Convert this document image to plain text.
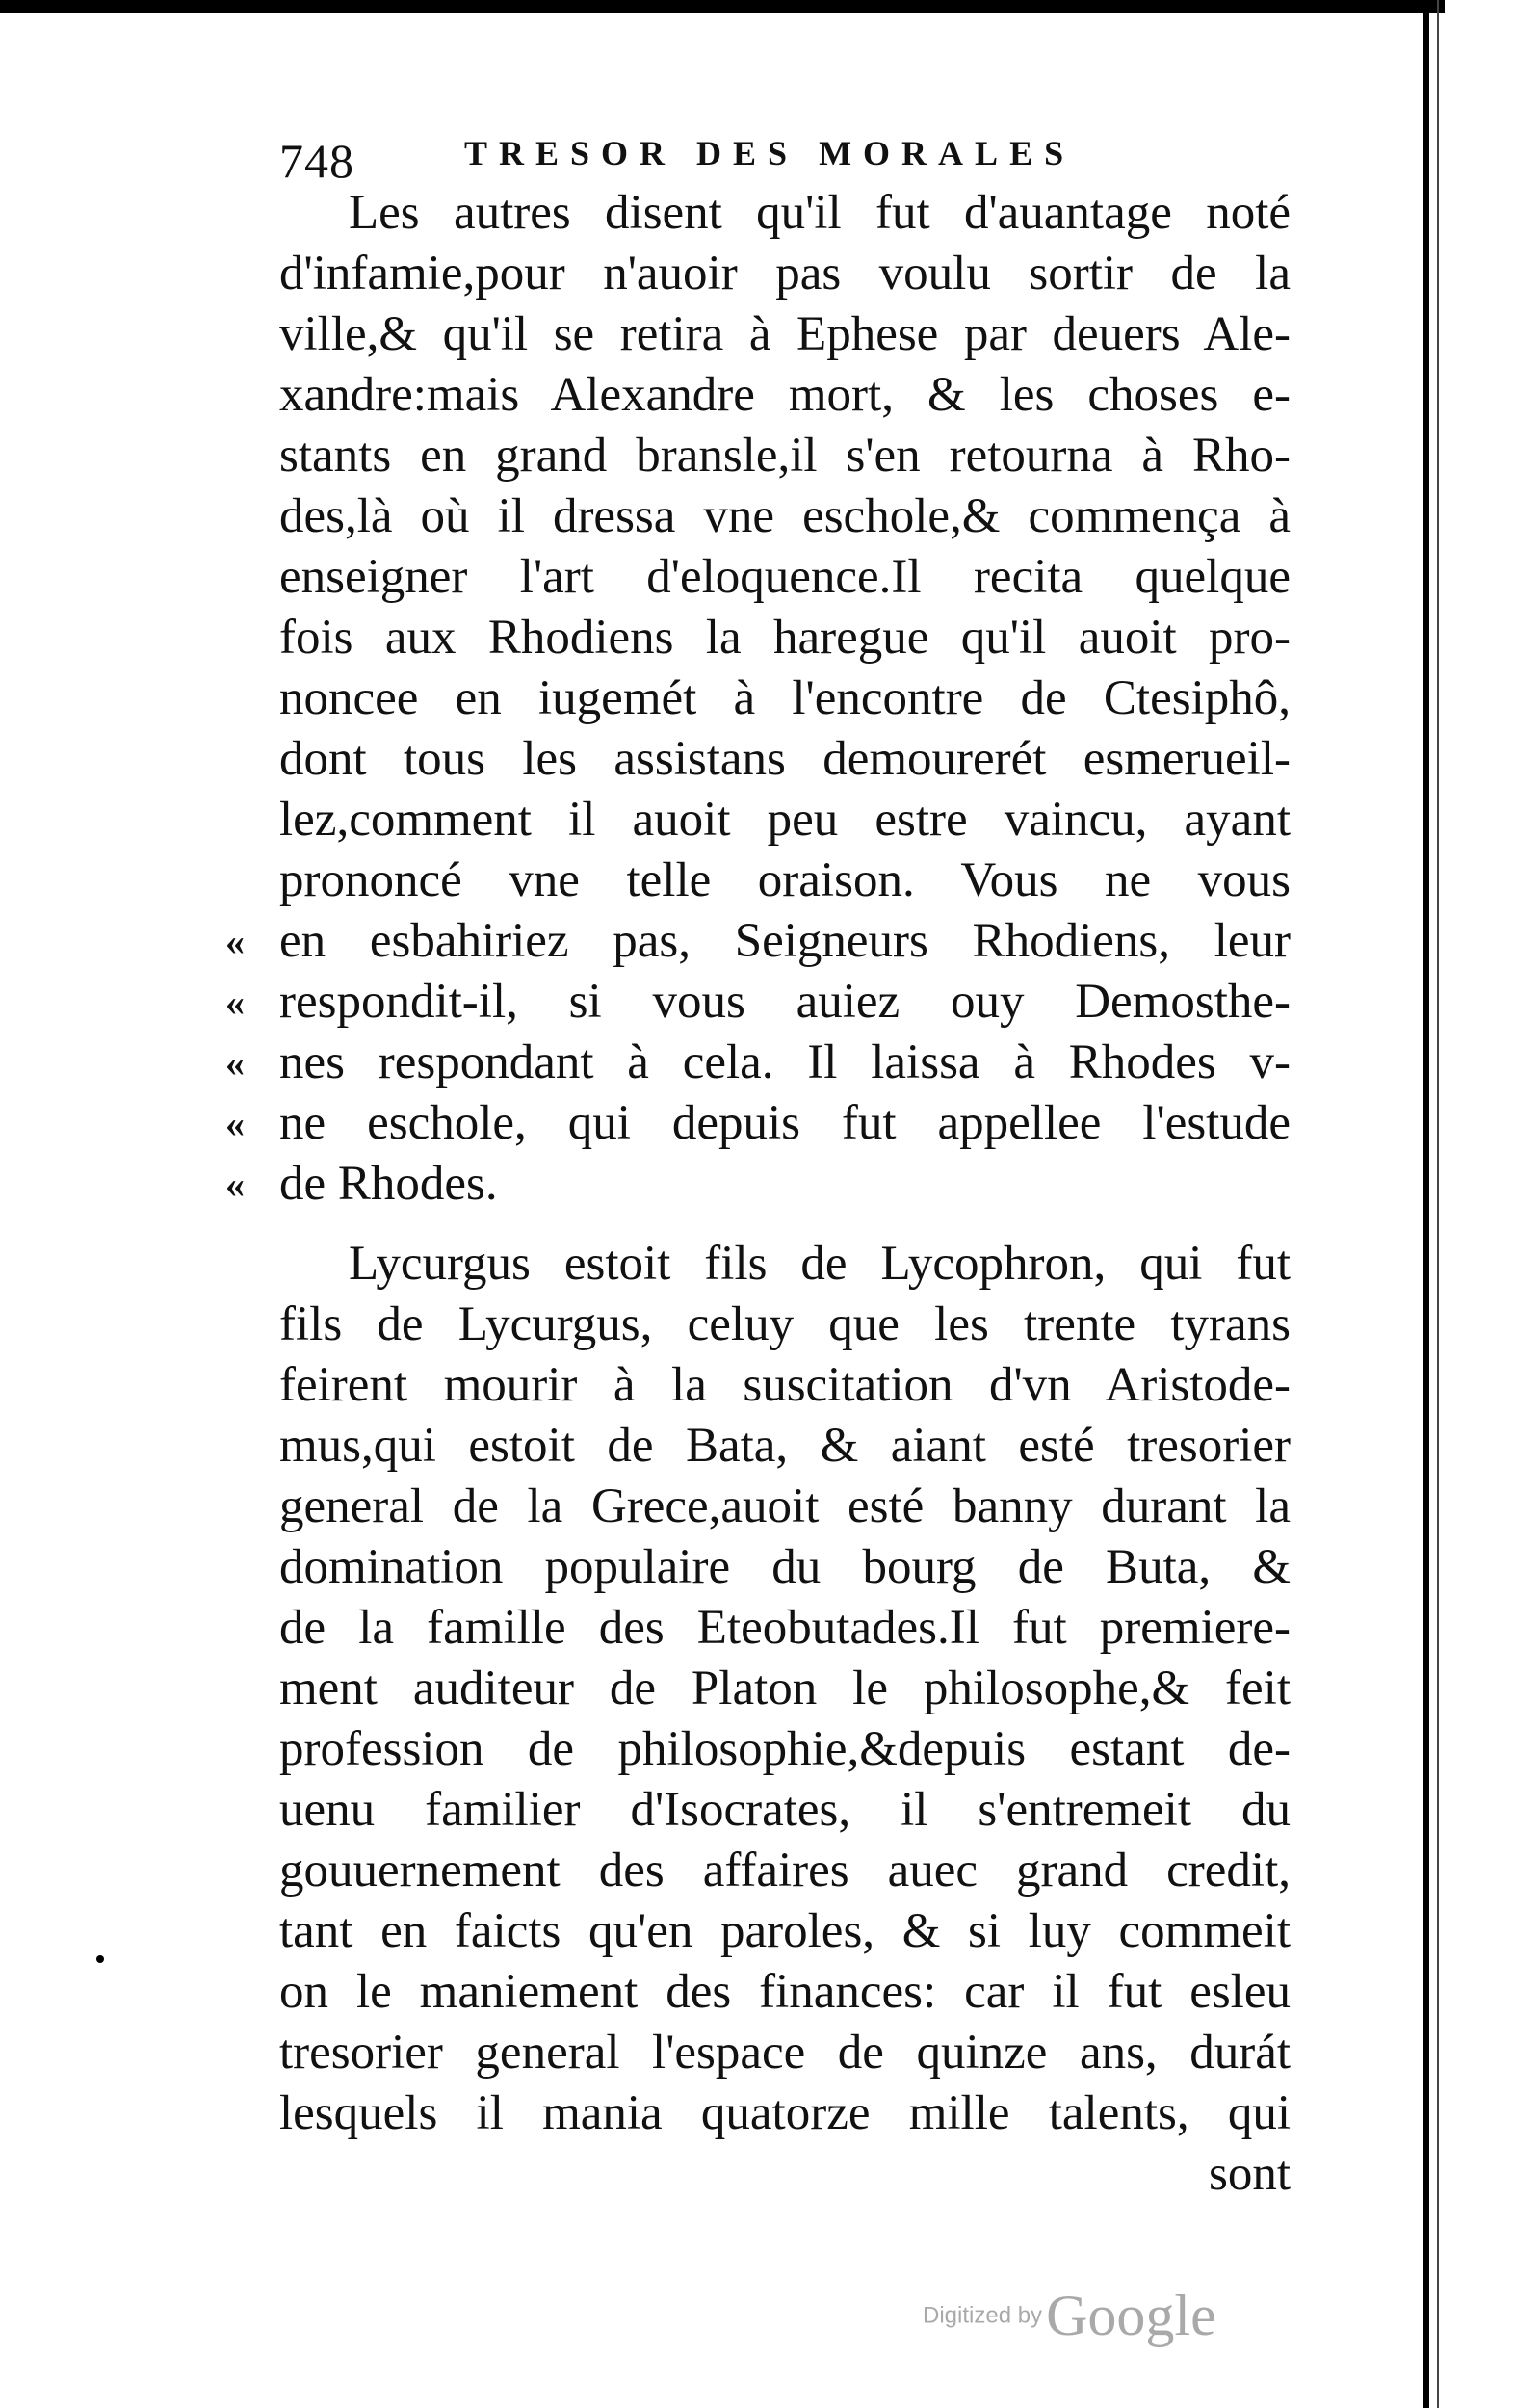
748	TRESOR DES MORALES
Les autres disent qu'il fut d'auantage noté
d'infamie,pour n'auoir pas voulu sortir de la
ville,& qu'il se retira à Ephese par deuers Ale-
xandre:mais Alexandre mort, & les choses e-
stants en grand bransle,il s'en retourna à Rho-
des,là où il dressa vne eschole,& commença à
enseigner l'art d'eloquence.Il recita quelque
fois aux Rhodiens la haregue qu'il auoit pro-
noncee en iugemét à l'encontre de Ctesiphô,
dont tous les assistans demourerét esmerueil-
lez,comment il auoit peu estre vaincu, ayant
prononcé vne telle oraison. Vous ne vous
« en esbahiriez pas, Seigneurs Rhodiens, leur
« respondit-il, si vous auiez ouy Demosthe-
« nes respondant à cela. Il laissa à Rhodes v-
« ne eschole, qui depuis fut appellee l'estude
« de Rhodes.
Lycurgus estoit fils de Lycophron, qui fut
fils de Lycurgus, celuy que les trente tyrans
feirent mourir à la suscitation d'vn Aristode-
mus,qui estoit de Bata, & aiant esté tresorier
general de la Grece,auoit esté banny durant la
domination populaire du bourg de Buta, &
de la famille des Eteobutades.Il fut premiere-
ment auditeur de Platon le philosophe,& feit
profession de philosophie,&depuis estant de-
uenu familier d'Isocrates, il s'entremeit du
gouuernement des affaires auec grand credit,
tant en faicts qu'en paroles, & si luy commeit
on le maniement des finances: car il fut esleu
tresorier general l'espace de quinze ans, durát
lesquels il mania quatorze mille talents, qui
sont
Digitized by Google
